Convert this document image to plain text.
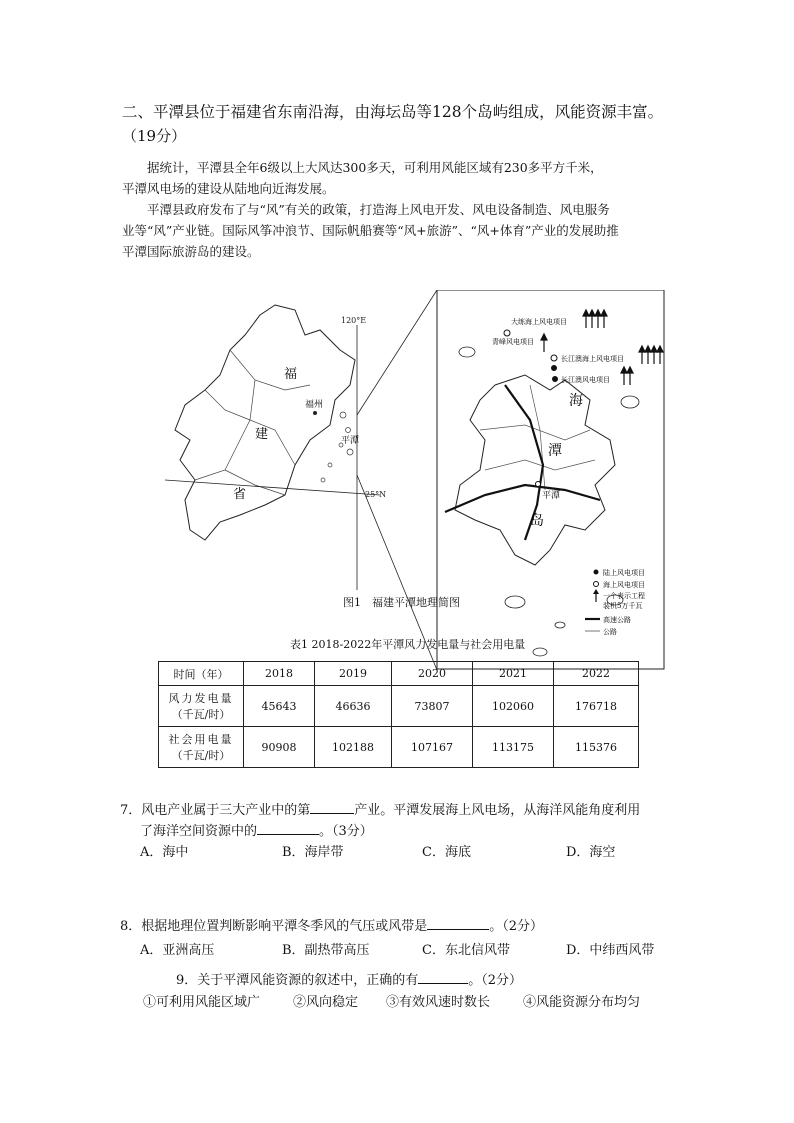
二、平潭县位于福建省东南沿海，由海坛岛等128个岛屿组成，风能资源丰富。
（19分）
据统计，平潭县全年6级以上大风达300多天，可利用风能区域有230多平方千米，
平潭风电场的建设从陆地向近海发展。
平潭县政府发布了与“风”有关的政策，打造海上风电开发、风电设备制造、风电服务
业等“风”产业链。国际风筝冲浪节、国际帆船赛等“风+旅游”、“风+体育”产业的发展助推
平潭国际旅游岛的建设。
120°E
25°N
福
建
省
福州
平潭
海
潭
岛
平潭
大练海上风电项目
青峰风电项目
长江澳海上风电项目
长江澳风电项目
陆上风电项目
海上风电项目
一个表示工程
装机5万千瓦
高速公路
公路
图1　福建平潭地理简图
表1 2018-2022年平潭风力发电量与社会用电量
时间（年）	2018	2019	2020	2021	2022

风力发电量
（千瓦/时）	45643	46636	73807	102060	176718

社会用电量
（千瓦/时）	90908	102188	107167	113175	115376
7．风电产业属于三大产业中的第	产业。平潭发展海上风电场，从海洋风能角度利用
了海洋空间资源中的	。（3分）
A．海中	B．海岸带	C．海底	D．海空
8．根据地理位置判断影响平潭冬季风的气压或风带是	。（2分）
A．亚洲高压	B．副热带高压	C．东北信风带	D．中纬西风带
9．关于平潭风能资源的叙述中，正确的有	。（2分）
①可利用风能区域广	②风向稳定 ③有效风速时数长	④风能资源分布均匀
